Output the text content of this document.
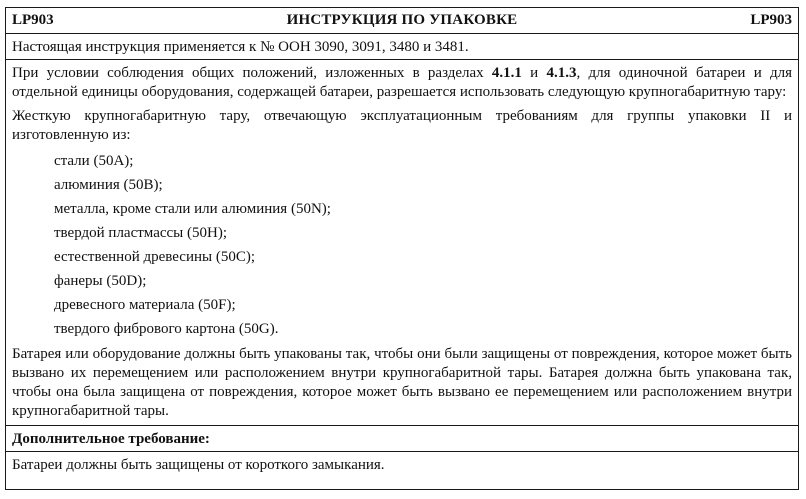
LP903	ИНСТРУКЦИЯ ПО УПАКОВКЕ	LP903
Настоящая инструкция применяется к № ООН 3090, 3091, 3480 и 3481.

При условии соблюдения общих положений, изложенных в разделах 4.1.1 и 4.1.3, для одиночной батареи и для отдельной единицы оборудования, содержащей батареи, разрешается использовать следующую крупногабаритную тару:

Жесткую крупногабаритную тару, отвечающую эксплуатационным требованиям для группы упаковки II и изготовленную из:

стали (50A);
алюминия (50B);
металла, кроме стали или алюминия (50N);
твердой пластмассы (50H);
естественной древесины (50C);
фанеры (50D);
древесного материала (50F);
твердого фибрового картона (50G).

Батарея или оборудование должны быть упакованы так, чтобы они были защищены от повреждения, которое может быть вызвано их перемещением или расположением внутри крупногабаритной тары. Батарея должна быть упакована так, чтобы она была защищена от повреждения, которое может быть вызвано ее перемещением или расположением внутри крупногабаритной тары.

Дополнительное требование:
Батареи должны быть защищены от короткого замыкания.
